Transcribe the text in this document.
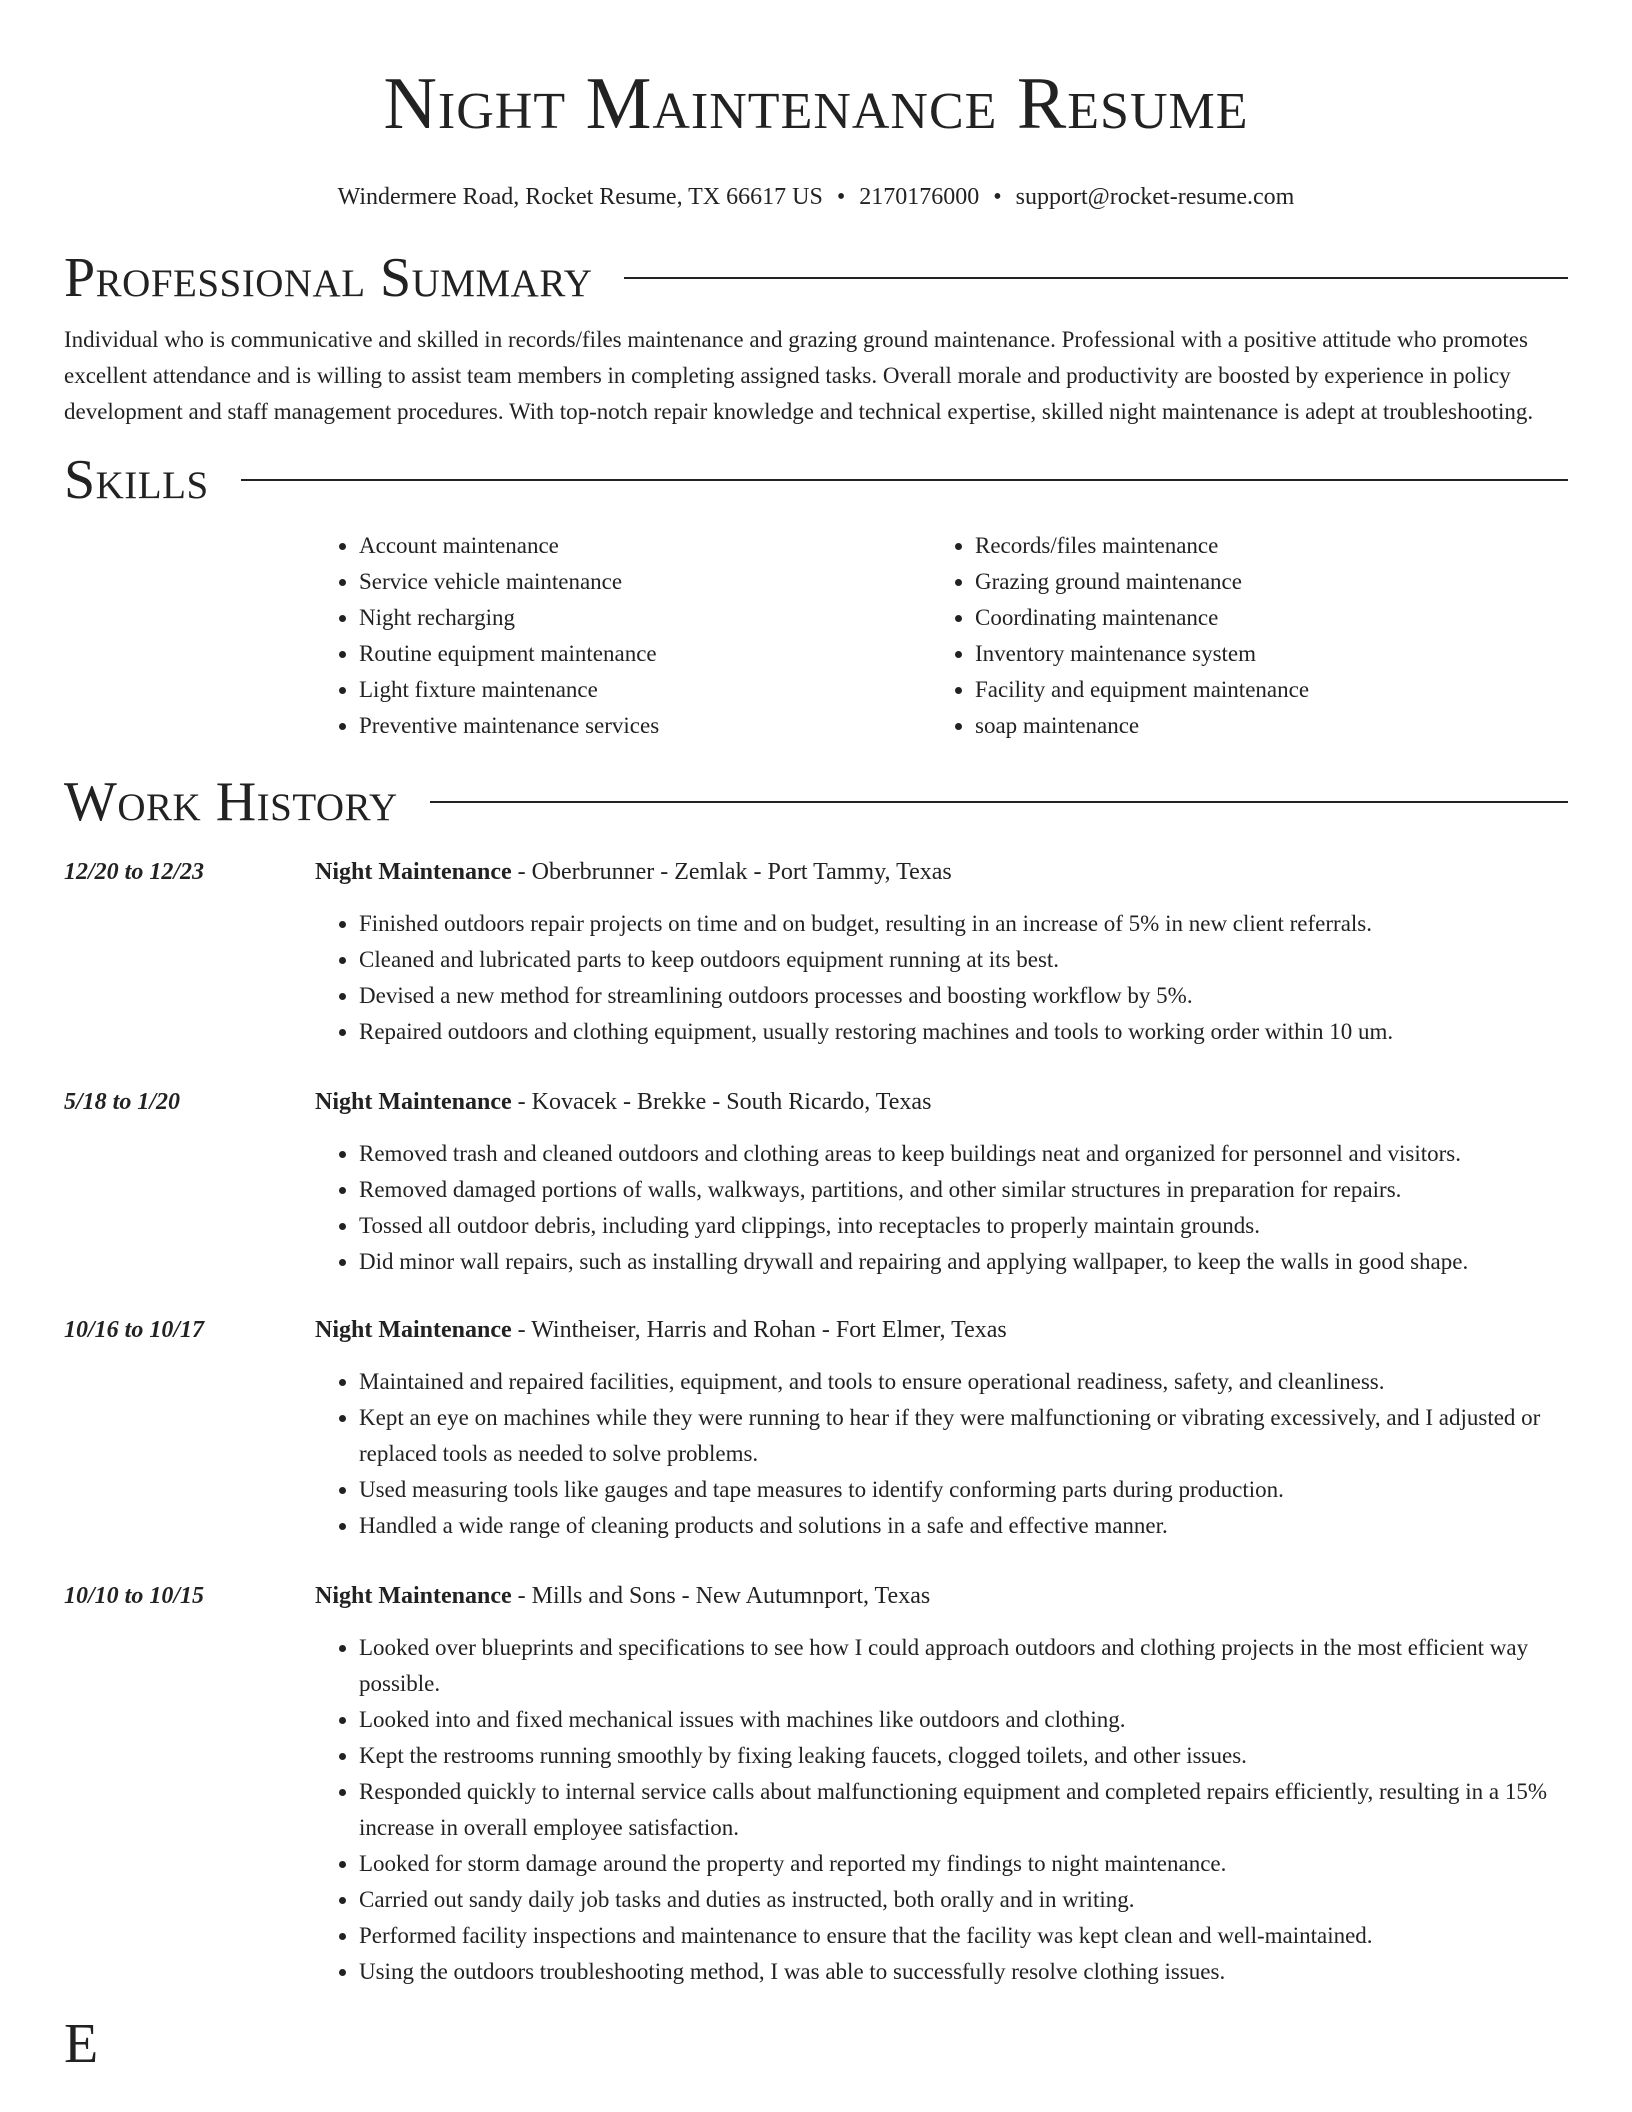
Night Maintenance Resume
Windermere Road, Rocket Resume, TX 66617 US • 2170176000 • support@rocket-resume.com
Professional Summary

Individual who is communicative and skilled in records/files maintenance and grazing ground maintenance. Professional with a positive attitude who promotes excellent attendance and is willing to assist team members in completing assigned tasks. Overall morale and productivity are boosted by experience in policy development and staff management procedures. With top-notch repair knowledge and technical expertise, skilled night maintenance is adept at troubleshooting.

Skills
• Account maintenance
• Service vehicle maintenance
• Night recharging
• Routine equipment maintenance
• Light fixture maintenance
• Preventive maintenance services
• Records/files maintenance
• Grazing ground maintenance
• Coordinating maintenance
• Inventory maintenance system
• Facility and equipment maintenance
• soap maintenance
Work History
12/20 to 12/23	Night Maintenance - Oberbrunner - Zemlak - Port Tammy, Texas
• Finished outdoors repair projects on time and on budget, resulting in an increase of 5% in new client referrals.
• Cleaned and lubricated parts to keep outdoors equipment running at its best.
• Devised a new method for streamlining outdoors processes and boosting workflow by 5%.
• Repaired outdoors and clothing equipment, usually restoring machines and tools to working order within 10 um.
5/18 to 1/20	Night Maintenance - Kovacek - Brekke - South Ricardo, Texas
• Removed trash and cleaned outdoors and clothing areas to keep buildings neat and organized for personnel and visitors.
• Removed damaged portions of walls, walkways, partitions, and other similar structures in preparation for repairs.
• Tossed all outdoor debris, including yard clippings, into receptacles to properly maintain grounds.
• Did minor wall repairs, such as installing drywall and repairing and applying wallpaper, to keep the walls in good shape.
10/16 to 10/17	Night Maintenance - Wintheiser, Harris and Rohan - Fort Elmer, Texas
• Maintained and repaired facilities, equipment, and tools to ensure operational readiness, safety, and cleanliness.
• Kept an eye on machines while they were running to hear if they were malfunctioning or vibrating excessively, and I adjusted or replaced tools as needed to solve problems.
• Used measuring tools like gauges and tape measures to identify conforming parts during production.
• Handled a wide range of cleaning products and solutions in a safe and effective manner.
10/10 to 10/15	Night Maintenance - Mills and Sons - New Autumnport, Texas
• Looked over blueprints and specifications to see how I could approach outdoors and clothing projects in the most efficient way possible.
• Looked into and fixed mechanical issues with machines like outdoors and clothing.
• Kept the restrooms running smoothly by fixing leaking faucets, clogged toilets, and other issues.
• Responded quickly to internal service calls about malfunctioning equipment and completed repairs efficiently, resulting in a 15% increase in overall employee satisfaction.
• Looked for storm damage around the property and reported my findings to night maintenance.
• Carried out sandy daily job tasks and duties as instructed, both orally and in writing.
• Performed facility inspections and maintenance to ensure that the facility was kept clean and well-maintained.
• Using the outdoors troubleshooting method, I was able to successfully resolve clothing issues.
E
